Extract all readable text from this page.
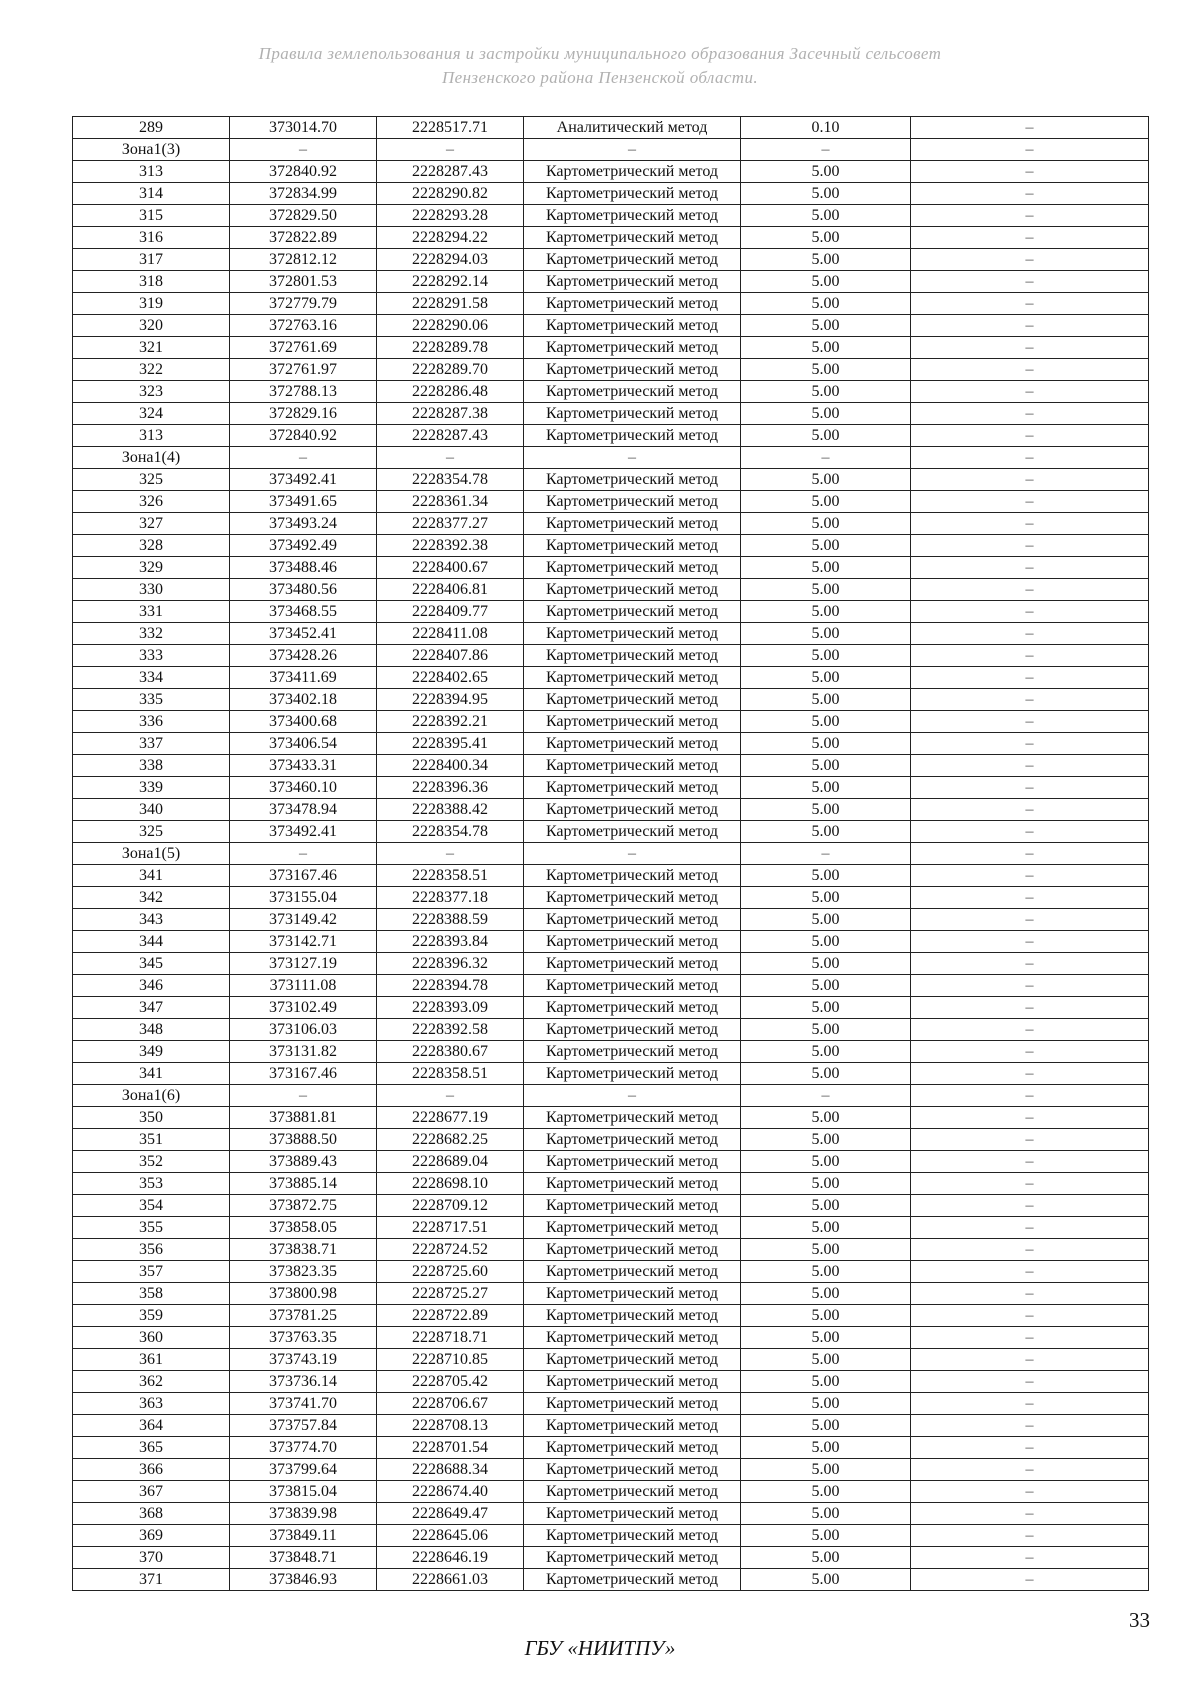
Правила землепользования и застройки муниципального образования Засечный сельсовет
Пензенского района Пензенской области.
289	373014.70	2228517.71	Аналитический метод	0.10	–
Зона1(3)	–	–	–	–	–
313	372840.92	2228287.43	Картометрический метод	5.00	–
314	372834.99	2228290.82	Картометрический метод	5.00	–
315	372829.50	2228293.28	Картометрический метод	5.00	–
316	372822.89	2228294.22	Картометрический метод	5.00	–
317	372812.12	2228294.03	Картометрический метод	5.00	–
318	372801.53	2228292.14	Картометрический метод	5.00	–
319	372779.79	2228291.58	Картометрический метод	5.00	–
320	372763.16	2228290.06	Картометрический метод	5.00	–
321	372761.69	2228289.78	Картометрический метод	5.00	–
322	372761.97	2228289.70	Картометрический метод	5.00	–
323	372788.13	2228286.48	Картометрический метод	5.00	–
324	372829.16	2228287.38	Картометрический метод	5.00	–
313	372840.92	2228287.43	Картометрический метод	5.00	–
Зона1(4)	–	–	–	–	–
325	373492.41	2228354.78	Картометрический метод	5.00	–
326	373491.65	2228361.34	Картометрический метод	5.00	–
327	373493.24	2228377.27	Картометрический метод	5.00	–
328	373492.49	2228392.38	Картометрический метод	5.00	–
329	373488.46	2228400.67	Картометрический метод	5.00	–
330	373480.56	2228406.81	Картометрический метод	5.00	–
331	373468.55	2228409.77	Картометрический метод	5.00	–
332	373452.41	2228411.08	Картометрический метод	5.00	–
333	373428.26	2228407.86	Картометрический метод	5.00	–
334	373411.69	2228402.65	Картометрический метод	5.00	–
335	373402.18	2228394.95	Картометрический метод	5.00	–
336	373400.68	2228392.21	Картометрический метод	5.00	–
337	373406.54	2228395.41	Картометрический метод	5.00	–
338	373433.31	2228400.34	Картометрический метод	5.00	–
339	373460.10	2228396.36	Картометрический метод	5.00	–
340	373478.94	2228388.42	Картометрический метод	5.00	–
325	373492.41	2228354.78	Картометрический метод	5.00	–
Зона1(5)	–	–	–	–	–
341	373167.46	2228358.51	Картометрический метод	5.00	–
342	373155.04	2228377.18	Картометрический метод	5.00	–
343	373149.42	2228388.59	Картометрический метод	5.00	–
344	373142.71	2228393.84	Картометрический метод	5.00	–
345	373127.19	2228396.32	Картометрический метод	5.00	–
346	373111.08	2228394.78	Картометрический метод	5.00	–
347	373102.49	2228393.09	Картометрический метод	5.00	–
348	373106.03	2228392.58	Картометрический метод	5.00	–
349	373131.82	2228380.67	Картометрический метод	5.00	–
341	373167.46	2228358.51	Картометрический метод	5.00	–
Зона1(6)	–	–	–	–	–
350	373881.81	2228677.19	Картометрический метод	5.00	–
351	373888.50	2228682.25	Картометрический метод	5.00	–
352	373889.43	2228689.04	Картометрический метод	5.00	–
353	373885.14	2228698.10	Картометрический метод	5.00	–
354	373872.75	2228709.12	Картометрический метод	5.00	–
355	373858.05	2228717.51	Картометрический метод	5.00	–
356	373838.71	2228724.52	Картометрический метод	5.00	–
357	373823.35	2228725.60	Картометрический метод	5.00	–
358	373800.98	2228725.27	Картометрический метод	5.00	–
359	373781.25	2228722.89	Картометрический метод	5.00	–
360	373763.35	2228718.71	Картометрический метод	5.00	–
361	373743.19	2228710.85	Картометрический метод	5.00	–
362	373736.14	2228705.42	Картометрический метод	5.00	–
363	373741.70	2228706.67	Картометрический метод	5.00	–
364	373757.84	2228708.13	Картометрический метод	5.00	–
365	373774.70	2228701.54	Картометрический метод	5.00	–
366	373799.64	2228688.34	Картометрический метод	5.00	–
367	373815.04	2228674.40	Картометрический метод	5.00	–
368	373839.98	2228649.47	Картометрический метод	5.00	–
369	373849.11	2228645.06	Картометрический метод	5.00	–
370	373848.71	2228646.19	Картометрический метод	5.00	–
371	373846.93	2228661.03	Картометрический метод	5.00	–
33
ГБУ «НИИТПУ»
